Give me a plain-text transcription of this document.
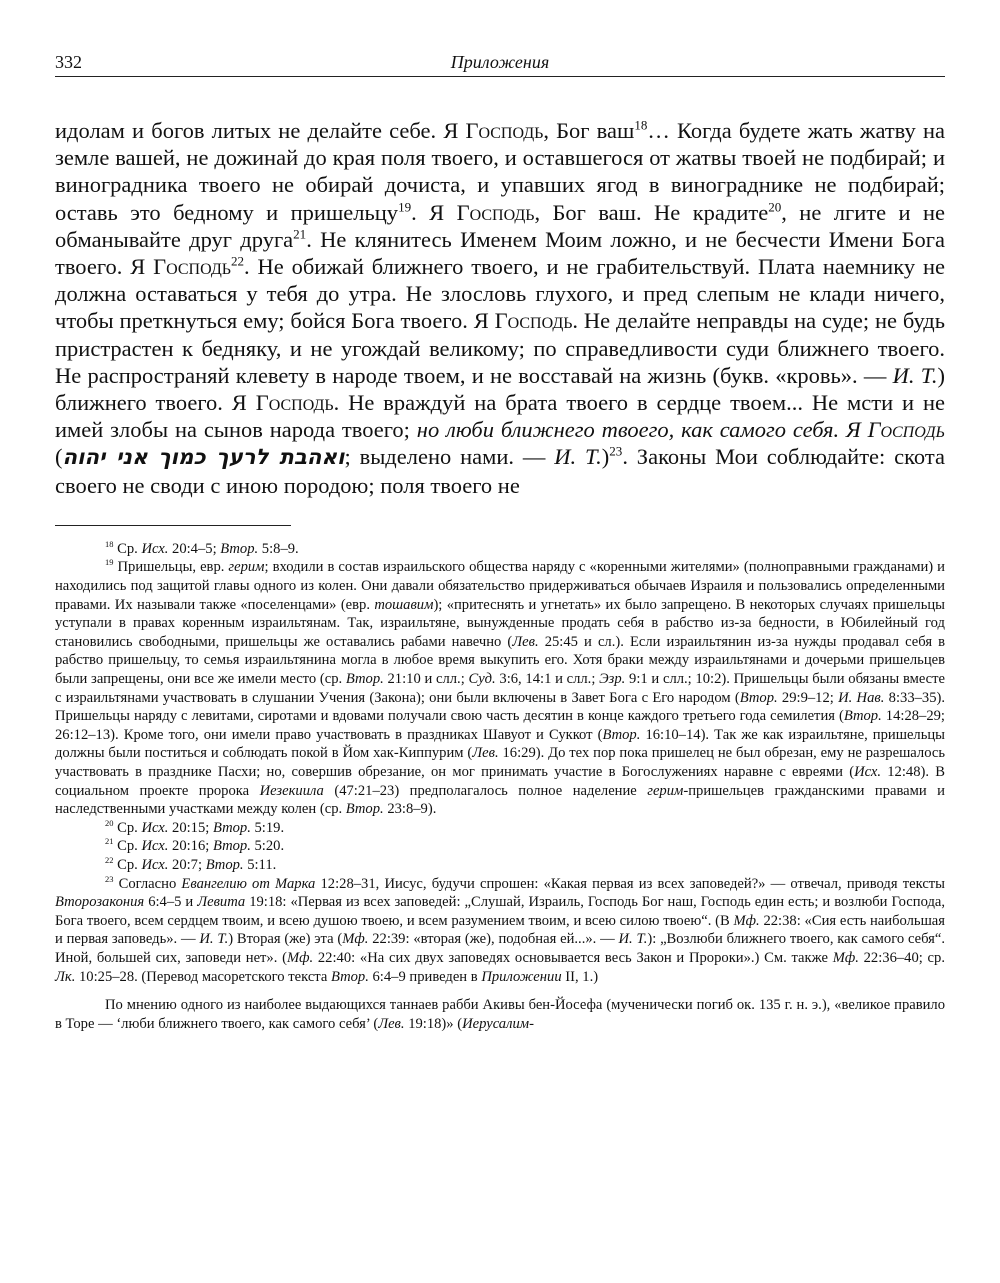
332	Приложения

идолам и богов литых не делайте себе. Я Господь, Бог ваш$^{18}$… Когда будете жать жатву на земле вашей, не дожинай до края поля твоего, и оставшегося от жатвы твоей не подбирай; и виноградника твоего не обирай дочиста, и упавших ягод в винограднике не подбирай; оставь это бедному и пришельцу$^{19}$. Я Господь, Бог ваш. Не крадите$^{20}$, не лгите и не обманывайте друг друга$^{21}$. Не клянитесь Именем Моим ложно, и не бесчести Имени Бога твоего. Я Господь$^{22}$. Не обижай ближнего твоего, и не грабительствуй. Плата наемнику не должна оставаться у тебя до утра. Не злословь глухого, и пред слепым не клади ничего, чтобы преткнуться ему; бойся Бога твоего. Я Господь. Не делайте неправды на суде; не будь пристрастен к бедняку, и не угождай великому; по справедливости суди ближнего твоего. Не распространяй клевету в народе твоем, и не восставай на жизнь (букв. «кровь». — И. Т.) ближнего твоего. Я Господь. Не враждуй на брата твоего в сердце твоем... Не мсти и не имей злобы на сынов народа твоего; но люби ближнего твоего, как самого себя. Я Господь (ואהבת לרעך כמוך אני יהוה; выделено нами. — И. Т.)$^{23}$. Законы Мои соблюдайте: скота своего не своди с иною породою; поля твоего не

$^{18}$ Ср. Исх. 20:4–5; Втор. 5:8–9.

$^{19}$ Пришельцы, евр. герим; входили в состав израильского общества наряду с «коренными жителями» (полноправными гражданами) и находились под защитой главы одного из колен. Они давали обязательство придерживаться обычаев Израиля и пользовались определенными правами. Их называли также «поселенцами» (евр. тошавим); «притеснять и угнетать» их было запрещено. В некоторых случаях пришельцы уступали в правах коренным израильтянам. Так, израильтяне, вынужденные продать себя в рабство из-за бедности, в Юбилейный год становились свободными, пришельцы же оставались рабами навечно (Лев. 25:45 и сл.). Если израильтянин из-за нужды продавал себя в рабство пришельцу, то семья израильтянина могла в любое время выкупить его. Хотя браки между израильтянами и дочерьми пришельцев были запрещены, они все же имели место (ср. Втор. 21:10 и слл.; Суд. 3:6, 14:1 и слл.; Эзр. 9:1 и слл.; 10:2). Пришельцы были обязаны вместе с израильтянами участвовать в слушании Учения (Закона); они были включены в Завет Бога с Его народом (Втор. 29:9–12; И. Нав. 8:33–35). Пришельцы наряду с левитами, сиротами и вдовами получали свою часть десятин в конце каждого третьего года семилетия (Втор. 14:28–29; 26:12–13). Кроме того, они имели право участвовать в праздниках Шавуот и Суккот (Втор. 16:10–14). Так же как израильтяне, пришельцы должны были поститься и соблюдать покой в Йом хак-Киппурим (Лев. 16:29). До тех пор пока пришелец не был обрезан, ему не разрешалось участвовать в празднике Пасхи; но, совершив обрезание, он мог принимать участие в Богослужениях наравне с евреями (Исх. 12:48). В социальном проекте пророка Иезекиила (47:21–23) предполагалось полное наделение герим-пришельцев гражданскими правами и наследственными участками между колен (ср. Втор. 23:8–9).

$^{20}$ Ср. Исх. 20:15; Втор. 5:19.

$^{21}$ Ср. Исх. 20:16; Втор. 5:20.

$^{22}$ Ср. Исх. 20:7; Втор. 5:11.

$^{23}$ Согласно Евангелию от Марка 12:28–31, Иисус, будучи спрошен: «Какая первая из всех заповедей?» — отвечал, приводя тексты Второзакония 6:4–5 и Левита 19:18: «Первая из всех заповедей: „Слушай, Израиль, Господь Бог наш, Господь един есть; и возлюби Господа, Бога твоего, всем сердцем твоим, и всею душою твоею, и всем разумением твоим, и всею силою твоею“. (В Мф. 22:38: «Сия есть наибольшая и первая заповедь». — И. Т.) Вторая (же) эта (Мф. 22:39: «вторая (же), подобная ей...». — И. Т.): „Возлюби ближнего твоего, как самого себя“. Иной, большей сих, заповеди нет». (Мф. 22:40: «На сих двух заповедях основывается весь Закон и Пророки».) См. также Мф. 22:36–40; ср. Лк. 10:25–28. (Перевод масоретского текста Втор. 6:4–9 приведен в Приложении II, 1.)

По мнению одного из наиболее выдающихся таннаев рабби Акивы бен-Йосефа (мученически погиб ок. 135 г. н. э.), «великое правило в Торе — ‘люби ближнего твоего, как самого себя’ (Лев. 19:18)» (Иерусалим-
